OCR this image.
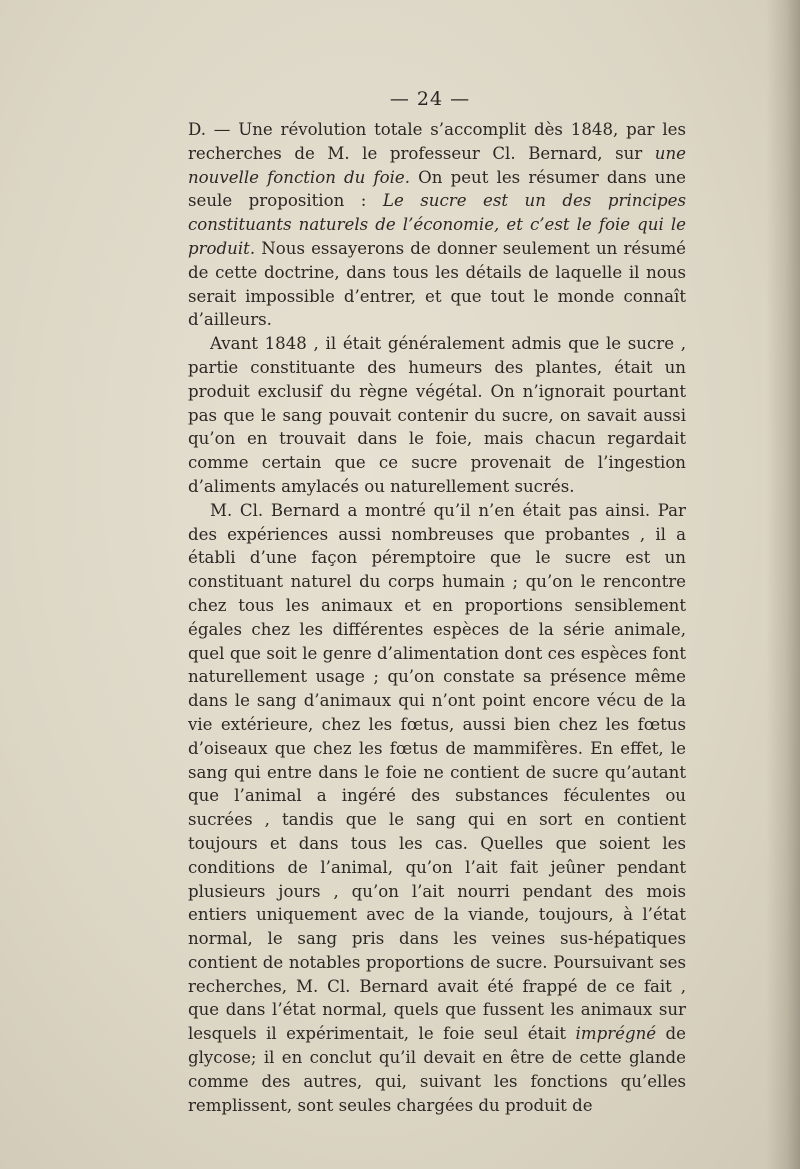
— 24 —

D. — Une révolution totale s’accomplit dès 1848, par les recherches de M. le professeur Cl. Bernard, sur une nouvelle fonction du foie. On peut les résumer dans une seule proposition : Le sucre est un des principes constituants naturels de l’économie, et c’est le foie qui le produit. Nous essayerons de donner seulement un résumé de cette doctrine, dans tous les détails de laquelle il nous serait impossible d’entrer, et que tout le monde connaît d’ailleurs.

Avant 1848 , il était généralement admis que le sucre , partie constituante des humeurs des plantes, était un produit exclusif du règne végétal. On n’ignorait pourtant pas que le sang pouvait contenir du sucre, on savait aussi qu’on en trouvait dans le foie, mais chacun regardait comme certain que ce sucre provenait de l’ingestion d’aliments amylacés ou naturellement sucrés.

M. Cl. Bernard a montré qu’il n’en était pas ainsi. Par des expériences aussi nombreuses que probantes , il a établi d’une façon péremptoire que le sucre est un constituant naturel du corps humain ; qu’on le rencontre chez tous les animaux et en proportions sensiblement égales chez les différentes espèces de la série animale, quel que soit le genre d’alimentation dont ces espèces font naturellement usage ; qu’on constate sa présence même dans le sang d’animaux qui n’ont point encore vécu de la vie extérieure, chez les fœtus, aussi bien chez les fœtus d’oiseaux que chez les fœtus de mammifères. En effet, le sang qui entre dans le foie ne contient de sucre qu’autant que l’animal a ingéré des substances féculentes ou sucrées , tandis que le sang qui en sort en contient toujours et dans tous les cas. Quelles que soient les conditions de l’animal, qu’on l’ait fait jeûner pendant plusieurs jours , qu’on l’ait nourri pendant des mois entiers uniquement avec de la viande, toujours, à l’état normal, le sang pris dans les veines sus-hépatiques contient de notables proportions de sucre. Poursuivant ses recherches, M. Cl. Bernard avait été frappé de ce fait , que dans l’état normal, quels que fussent les animaux sur lesquels il expérimentait, le foie seul était imprégné de glycose; il en conclut qu’il devait en être de cette glande comme des autres, qui, suivant les fonctions qu’elles remplissent, sont seules chargées du produit de
